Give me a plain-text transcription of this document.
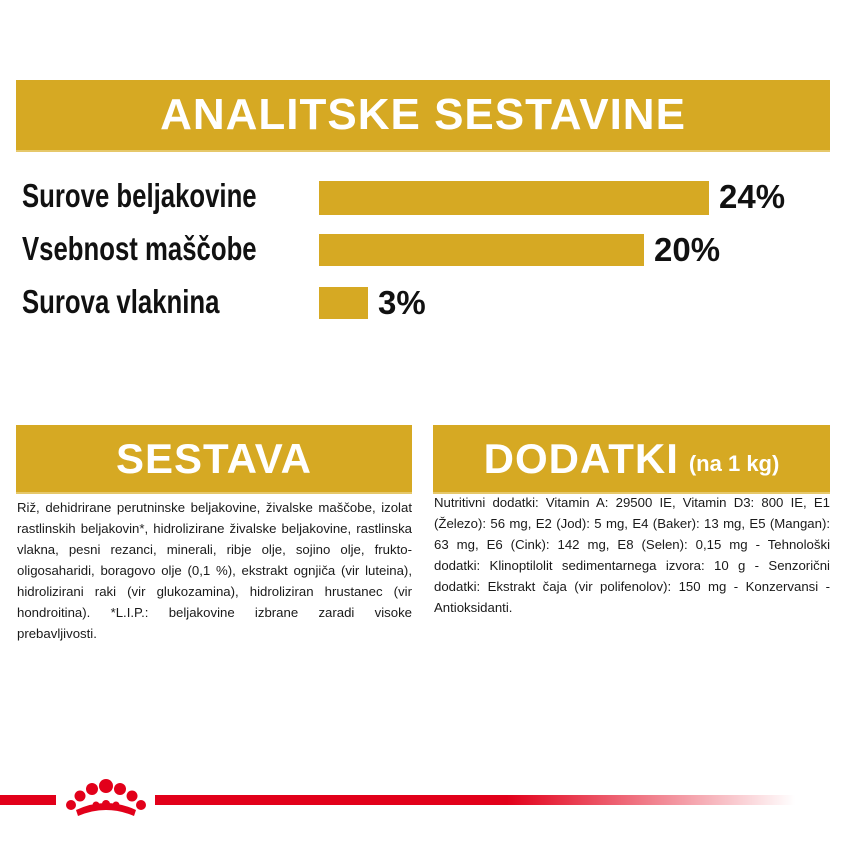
ANALITSKE SESTAVINE
Surove beljakovine	24%
Vsebnost maščobe	20%
Surova vlaknina	3%
SESTAVA

Riž, dehidrirane perutninske beljakovine, živalske maščobe, izolat rastlinskih beljakovin*, hidrolizirane živalske beljakovine, rastlinska vlakna, pesni rezanci, minerali, ribje olje, sojino olje, frukto-oligosaharidi, boragovo olje (0,1 %), ekstrakt ognjiča (vir luteina), hidrolizirani raki (vir glukozamina), hidroliziran hrustanec (vir hondroitina). *L.I.P.: beljakovine izbrane zaradi visoke prebavljivosti.

DODATKI (na 1 kg)

Nutritivni dodatki: Vitamin A: 29500 IE, Vitamin D3: 800 IE, E1 (Železo): 56 mg, E2 (Jod): 5 mg, E4 (Baker): 13 mg, E5 (Mangan): 63 mg, E6 (Cink): 142 mg, E8 (Selen): 0,15 mg - Tehnološki dodatki: Klinoptilolit sedimentarnega izvora: 10 g - Senzorični dodatki: Ekstrakt čaja (vir polifenolov): 150 mg - Konzervansi - Antioksidanti.
